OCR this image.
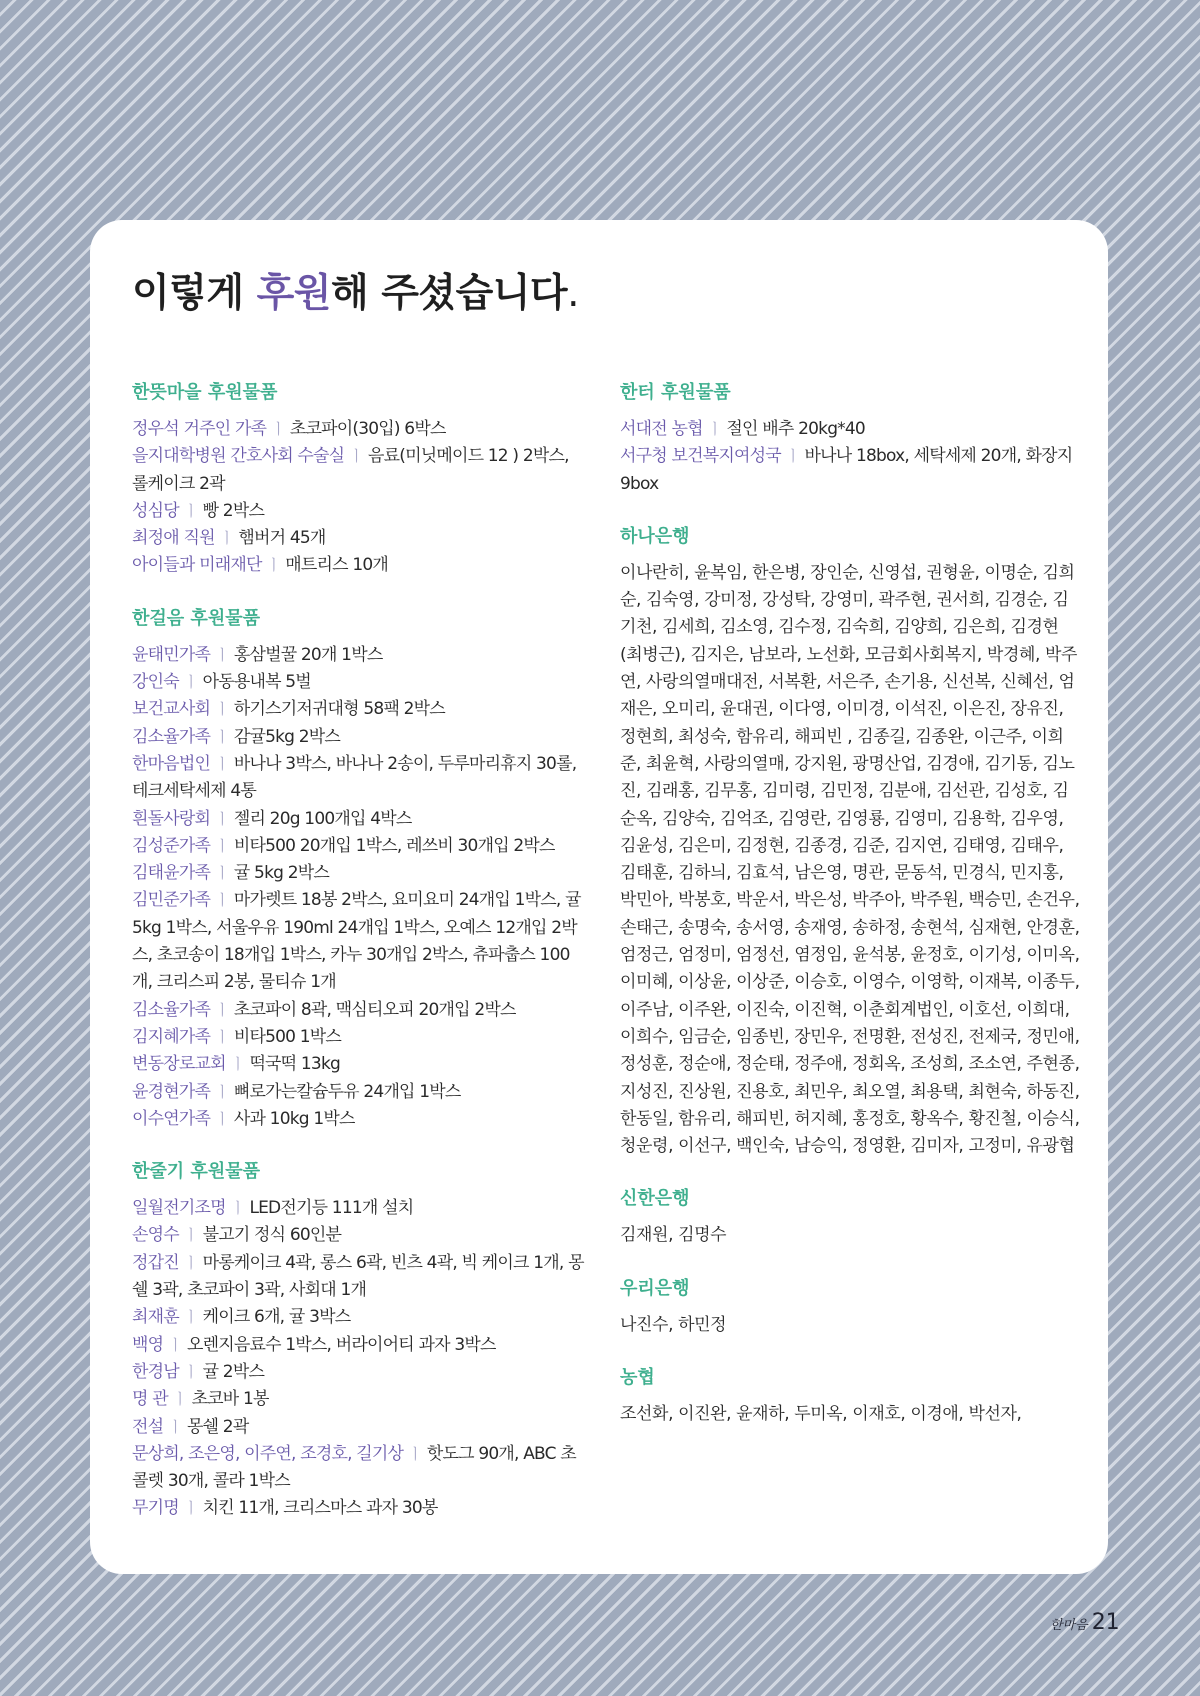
이렇게 후원해 주셨습니다.
한뜻마을 후원물품

정우석 거주인 가족 ㅣ 초코파이(30입) 6박스

을지대학병원 간호사회 수술실 ㅣ 음료(미닛메이드 12 ) 2박스, 롤케이크 2곽

성심당 ㅣ 빵 2박스

최정애 직원 ㅣ 햄버거 45개

아이들과 미래재단 ㅣ 매트리스 10개

한걸음 후원물품

윤태민가족 ㅣ 홍삼벌꿀 20개 1박스

강인숙 ㅣ 아동용내복 5벌

보건교사회 ㅣ 하기스기저귀대형 58팩 2박스

김소율가족 ㅣ 감귤5kg 2박스

한마음법인 ㅣ 바나나 3박스, 바나나 2송이, 두루마리휴지 30롤, 테크세탁세제 4통

흰돌사랑회 ㅣ 젤리 20g 100개입 4박스

김성준가족 ㅣ 비타500 20개입 1박스, 레쓰비 30개입 2박스

김태윤가족 ㅣ 귤 5kg 2박스

김민준가족 ㅣ 마가렛트 18봉 2박스, 요미요미 24개입 1박스, 귤5kg 1박스, 서울우유 190ml 24개입 1박스, 오예스 12개입 2박스, 초코송이 18개입 1박스, 카누 30개입 2박스, 츄파춥스 100개, 크리스피 2봉, 물티슈 1개

김소율가족 ㅣ 초코파이 8곽, 맥심티오피 20개입 2박스

김지혜가족 ㅣ 비타500 1박스

변동장로교회 ㅣ 떡국떡 13kg

윤경현가족 ㅣ 뼈로가는칼슘두유 24개입 1박스

이수연가족 ㅣ 사과 10kg 1박스

한줄기 후원물품

일월전기조명 ㅣ LED전기등 111개 설치

손영수 ㅣ 불고기 정식 60인분

정갑진 ㅣ 마롱케이크 4곽, 롱스 6곽, 빈츠 4곽, 빅 케이크 1개, 몽쉘 3곽, 초코파이 3곽, 사회대 1개

최재훈 ㅣ 케이크 6개, 귤 3박스

백영 ㅣ 오렌지음료수 1박스, 버라이어티 과자 3박스

한경남 ㅣ 귤 2박스

명 관 ㅣ 초코바 1봉

전설 ㅣ 몽쉘 2곽

문상희, 조은영, 이주연, 조경호, 길기상 ㅣ 핫도그 90개, ABC 초콜렛 30개, 콜라 1박스

무기명 ㅣ 치킨 11개, 크리스마스 과자 30봉

한터 후원물품

서대전 농협 ㅣ 절인 배추 20kg*40

서구청 보건복지여성국 ㅣ 바나나 18box, 세탁세제 20개, 화장지 9box

하나은행

이나란히, 윤복임, 한은병, 장인순, 신영섭, 권형윤, 이명순, 김희순, 김숙영, 강미정, 강성탁, 강영미, 곽주현, 권서희, 김경순, 김기천, 김세희, 김소영, 김수정, 김숙희, 김양희, 김은희, 김경현(최병근), 김지은, 남보라, 노선화, 모금회사회복지, 박경혜, 박주연, 사랑의열매대전, 서복환, 서은주, 손기용, 신선복, 신혜선, 엄재은, 오미리, 윤대권, 이다영, 이미경, 이석진, 이은진, 장유진, 정현희, 최성숙, 함유리, 해피빈 , 김종길, 김종완, 이근주, 이희준, 최윤혁, 사랑의열매, 강지원, 광명산업, 김경애, 김기동, 김노진, 김래홍, 김무홍, 김미령, 김민정, 김분애, 김선관, 김성호, 김순옥, 김양숙, 김억조, 김영란, 김영룡, 김영미, 김용학, 김우영, 김윤성, 김은미, 김정현, 김종경, 김준, 김지연, 김태영, 김태우, 김태훈, 김하늬, 김효석, 남은영, 명관, 문동석, 민경식, 민지홍, 박민아, 박봉호, 박운서, 박은성, 박주아, 박주원, 백승민, 손건우, 손태근, 송명숙, 송서영, 송재영, 송하정, 송현석, 심재현, 안경훈, 엄정근, 엄정미, 엄정선, 염정임, 윤석봉, 윤정호, 이기성, 이미옥, 이미혜, 이상윤, 이상준, 이승호, 이영수, 이영학, 이재복, 이종두, 이주남, 이주완, 이진숙, 이진혁, 이춘회계법인, 이호선, 이희대, 이희수, 임금순, 임종빈, 장민우, 전명환, 전성진, 전제국, 정민애, 정성훈, 정순애, 정순태, 정주애, 정회옥, 조성희, 조소연, 주현종, 지성진, 진상원, 진용호, 최민우, 최오열, 최용택, 최현숙, 하동진, 한동일, 함유리, 해피빈, 허지혜, 홍정호, 황옥수, 황진철, 이승식, 청운령, 이선구, 백인숙, 남승익, 정영환, 김미자, 고정미, 유광협

신한은행

김재원, 김명수

우리은행

나진수, 하민정

농협

조선화, 이진완, 윤재하, 두미옥, 이재호, 이경애, 박선자,

한마음 21
